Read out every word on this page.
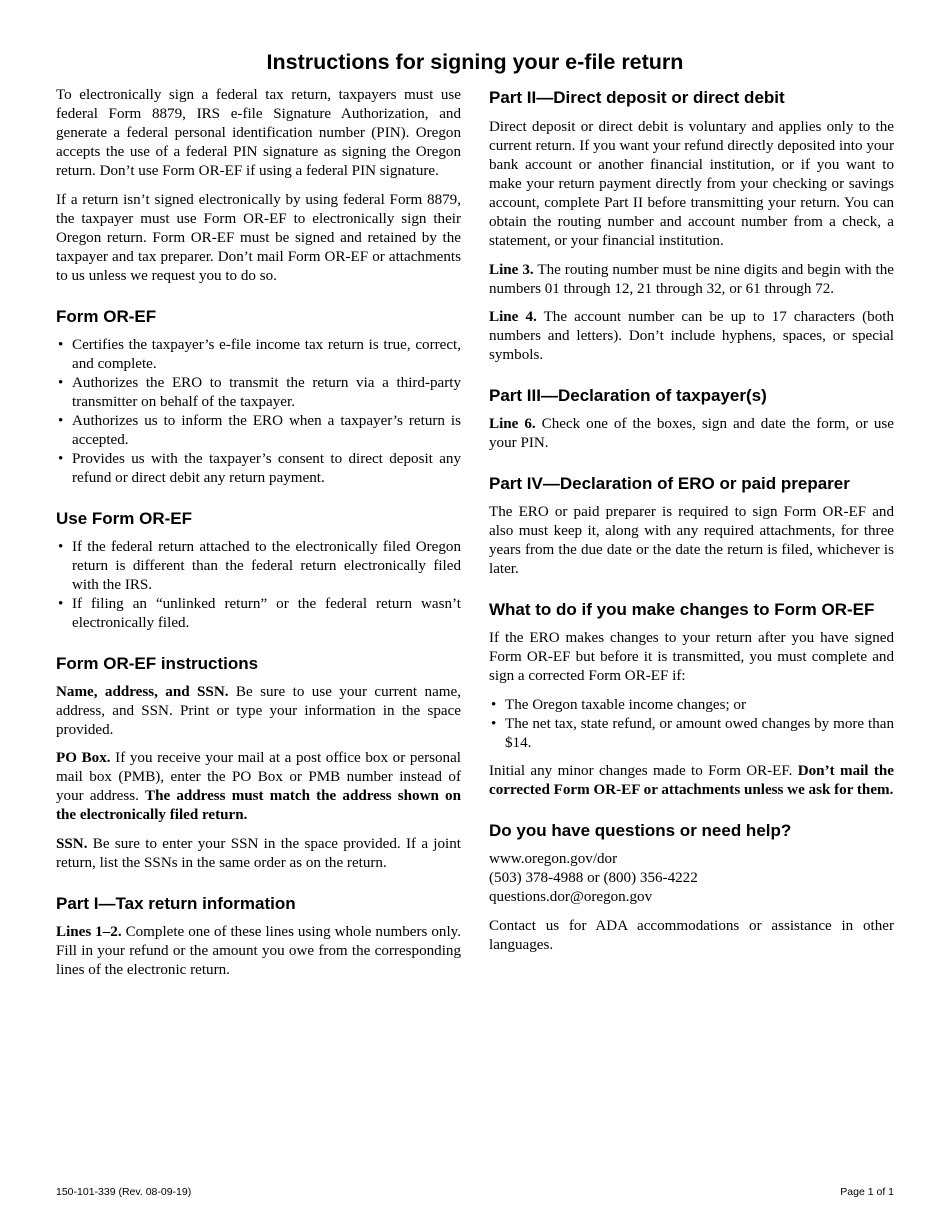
Instructions for signing your e-file return

To electronically sign a federal tax return, taxpayers must use federal Form 8879, IRS e-file Signature Authorization, and generate a federal personal identification number (PIN). Oregon accepts the use of a federal PIN signature as signing the Oregon return. Don’t use Form OR-EF if using a federal PIN signature.

If a return isn’t signed electronically by using federal Form 8879, the taxpayer must use Form OR-EF to electronically sign their Oregon return. Form OR-EF must be signed and retained by the taxpayer and tax preparer. Don’t mail Form OR-EF or attachments to us unless we request you to do so.

Form OR-EF
• Certifies the taxpayer’s e-file income tax return is true, correct, and complete.
• Authorizes the ERO to transmit the return via a third-party transmitter on behalf of the taxpayer.
• Authorizes us to inform the ERO when a taxpayer’s return is accepted.
• Provides us with the taxpayer’s consent to direct deposit any refund or direct debit any return payment.
Use Form OR-EF
• If the federal return attached to the electronically filed Oregon return is different than the federal return electronically filed with the IRS.
• If filing an “unlinked return” or the federal return wasn’t electronically filed.
Form OR-EF instructions

Name, address, and SSN. Be sure to use your current name, address, and SSN. Print or type your information in the space provided.

PO Box. If you receive your mail at a post office box or personal mail box (PMB), enter the PO Box or PMB number instead of your address. The address must match the address shown on the electronically filed return.

SSN. Be sure to enter your SSN in the space provided. If a joint return, list the SSNs in the same order as on the return.

Part I—Tax return information

Lines 1–2. Complete one of these lines using whole numbers only. Fill in your refund or the amount you owe from the corresponding lines of the electronic return.

Part II—Direct deposit or direct debit

Direct deposit or direct debit is voluntary and applies only to the current return. If you want your refund directly deposited into your bank account or another financial institution, or if you want to make your return payment directly from your checking or savings account, complete Part II before transmitting your return. You can obtain the routing number and account number from a check, a statement, or your financial institution.

Line 3. The routing number must be nine digits and begin with the numbers 01 through 12, 21 through 32, or 61 through 72.

Line 4. The account number can be up to 17 characters (both numbers and letters). Don’t include hyphens, spaces, or special symbols.

Part III—Declaration of taxpayer(s)

Line 6. Check one of the boxes, sign and date the form, or use your PIN.

Part IV—Declaration of ERO or paid preparer

The ERO or paid preparer is required to sign Form OR-EF and also must keep it, along with any required attachments, for three years from the due date or the date the return is filed, whichever is later.

What to do if you make changes to Form OR-EF

If the ERO makes changes to your return after you have signed Form OR-EF but before it is transmitted, you must complete and sign a corrected Form OR-EF if:

• The Oregon taxable income changes; or
• The net tax, state refund, or amount owed changes by more than $14.

Initial any minor changes made to Form OR-EF. Don’t mail the corrected Form OR-EF or attachments unless we ask for them.

Do you have questions or need help?

www.oregon.gov/dor
(503) 378-4988 or (800) 356-4222
questions.dor@oregon.gov

Contact us for ADA accommodations or assistance in other languages.

150-101-339 (Rev. 08-09-19)	Page 1 of 1
